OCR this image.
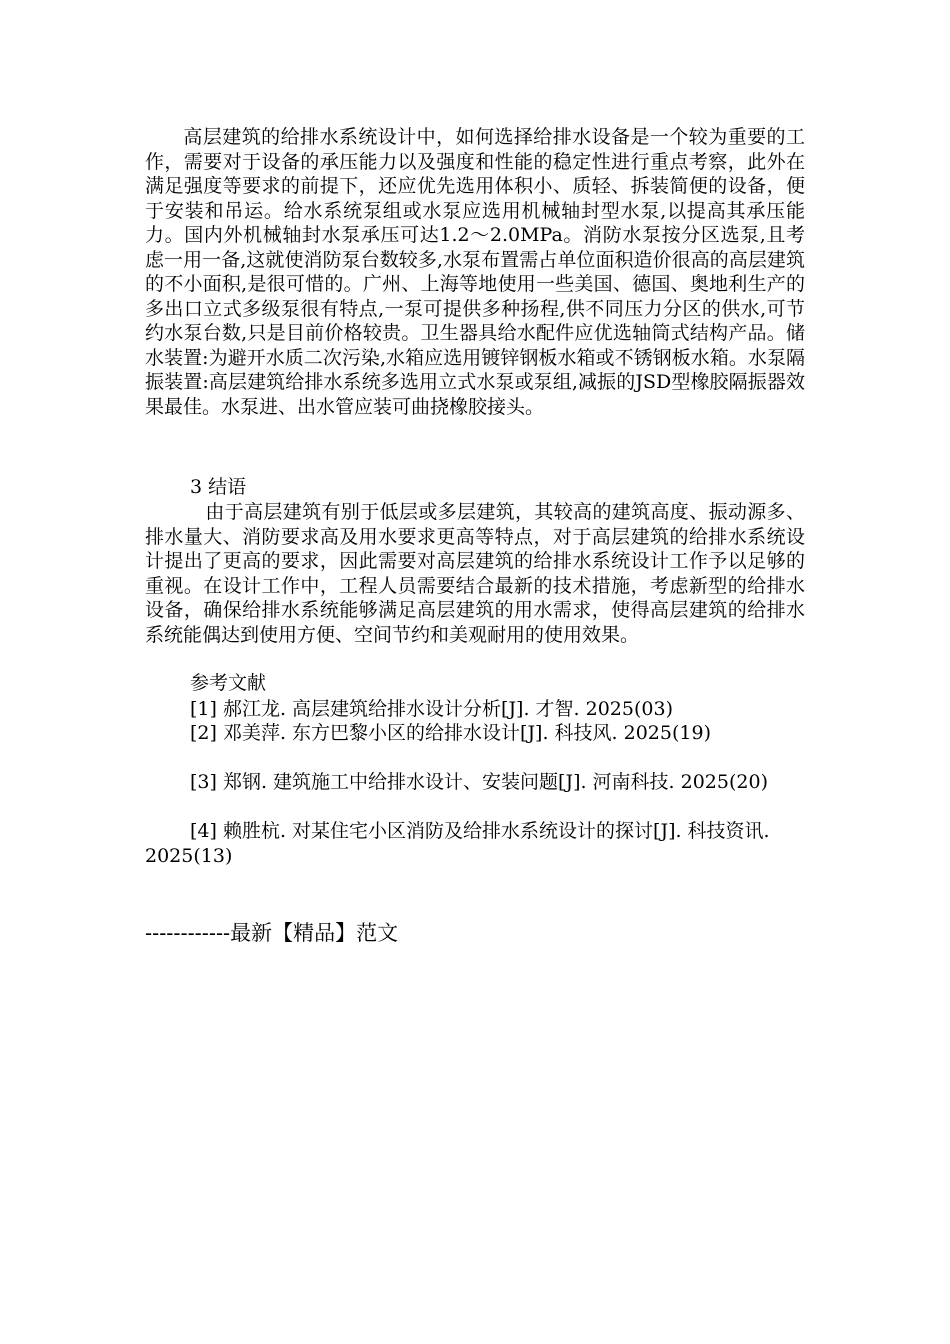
高层建筑的给排水系统设计中，如何选择给排水设备是一个较为重要的工作，需要对于设备的承压能力以及强度和性能的稳定性进行重点考察，此外在满足强度等要求的前提下，还应优先选用体积小、质轻、拆装简便的设备，便于安装和吊运。给水系统泵组或水泵应选用机械轴封型水泵,以提高其承压能力。国内外机械轴封水泵承压可达1.2～2.0MPa。消防水泵按分区选泵,且考虑一用一备,这就使消防泵台数较多,水泵布置需占单位面积造价很高的高层建筑的不小面积,是很可惜的。广州、上海等地使用一些美国、德国、奥地利生产的多出口立式多级泵很有特点,一泵可提供多种扬程,供不同压力分区的供水,可节约水泵台数,只是目前价格较贵。卫生器具给水配件应优选轴筒式结构产品。储水装置:为避开水质二次污染,水箱应选用镀锌钢板水箱或不锈钢板水箱。水泵隔振装置:高层建筑给排水系统多选用立式水泵或泵组,减振的JSD型橡胶隔振器效果最佳。水泵进、出水管应装可曲挠橡胶接头。
3 结语
由于高层建筑有别于低层或多层建筑，其较高的建筑高度、振动源多、排水量大、消防要求高及用水要求更高等特点，对于高层建筑的给排水系统设计提出了更高的要求，因此需要对高层建筑的给排水系统设计工作予以足够的重视。在设计工作中，工程人员需要结合最新的技术措施，考虑新型的给排水设备，确保给排水系统能够满足高层建筑的用水需求，使得高层建筑的给排水系统能偶达到使用方便、空间节约和美观耐用的使用效果。
参考文献
[1] 郝江龙. 高层建筑给排水设计分析[J]. 才智. 2025(03)
[2] 邓美萍. 东方巴黎小区的给排水设计[J]. 科技风. 2025(19)
[3] 郑钢. 建筑施工中给排水设计、安装问题[J]. 河南科技. 2025(20)
[4] 赖胜杭. 对某住宅小区消防及给排水系统设计的探讨[J]. 科技资讯. 2025(13)
------------最新【精品】范文
